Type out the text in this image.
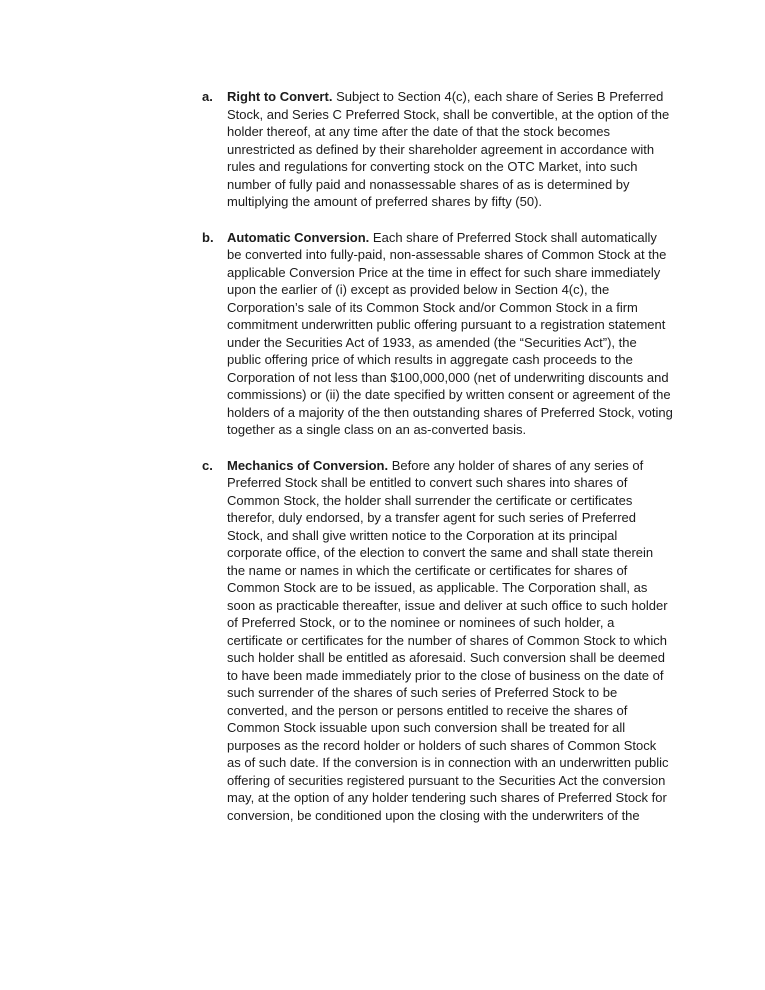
a.	Right to Convert. Subject to Section 4(c), each share of Series B Preferred Stock, and Series C Preferred Stock, shall be convertible, at the option of the holder thereof, at any time after the date of that the stock becomes unrestricted as defined by their shareholder agreement in accordance with rules and regulations for converting stock on the OTC Market, into such number of fully paid and nonassessable shares of as is determined by multiplying the amount of preferred shares by fifty (50).

b.	Automatic Conversion. Each share of Preferred Stock shall automatically be converted into fully-paid, non-assessable shares of Common Stock at the applicable Conversion Price at the time in effect for such share immediately upon the earlier of (i) except as provided below in Section 4(c), the Corporation’s sale of its Common Stock and/or Common Stock in a firm commitment underwritten public offering pursuant to a registration statement under the Securities Act of 1933, as amended (the “Securities Act”), the public offering price of which results in aggregate cash proceeds to the Corporation of not less than $100,000,000 (net of underwriting discounts and commissions) or (ii) the date specified by written consent or agreement of the holders of a majority of the then outstanding shares of Preferred Stock, voting together as a single class on an as-converted basis.

c.	Mechanics of Conversion. Before any holder of shares of any series of Preferred Stock shall be entitled to convert such shares into shares of Common Stock, the holder shall surrender the certificate or certificates therefor, duly endorsed, by a transfer agent for such series of Preferred Stock, and shall give written notice to the Corporation at its principal corporate office, of the election to convert the same and shall state therein the name or names in which the certificate or certificates for shares of Common Stock are to be issued, as applicable. The Corporation shall, as soon as practicable thereafter, issue and deliver at such office to such holder of Preferred Stock, or to the nominee or nominees of such holder, a certificate or certificates for the number of shares of Common Stock to which such holder shall be entitled as aforesaid. Such conversion shall be deemed to have been made immediately prior to the close of business on the date of such surrender of the shares of such series of Preferred Stock to be converted, and the person or persons entitled to receive the shares of Common Stock issuable upon such conversion shall be treated for all purposes as the record holder or holders of such shares of Common Stock as of such date. If the conversion is in connection with an underwritten public offering of securities registered pursuant to the Securities Act the conversion may, at the option of any holder tendering such shares of Preferred Stock for conversion, be conditioned upon the closing with the underwriters of the
